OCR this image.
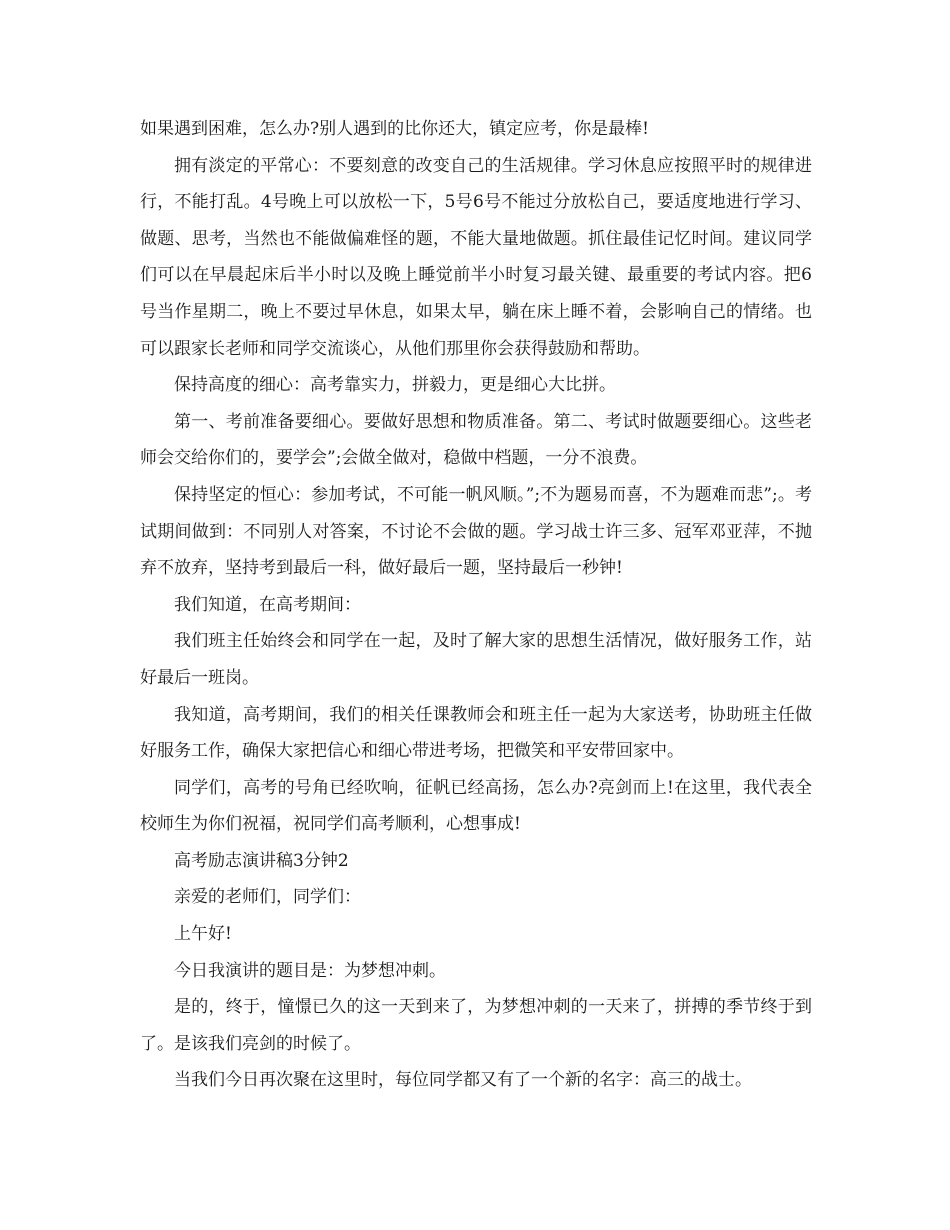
如果遇到困难，怎么办?别人遇到的比你还大，镇定应考，你是最棒!

拥有淡定的平常心：不要刻意的改变自己的生活规律。学习休息应按照平时的规律进行，不能打乱。4号晚上可以放松一下，5号6号不能过分放松自己，要适度地进行学习、做题、思考，当然也不能做偏难怪的题，不能大量地做题。抓住最佳记忆时间。建议同学们可以在早晨起床后半小时以及晚上睡觉前半小时复习最关键、最重要的考试内容。把6号当作星期二，晚上不要过早休息，如果太早，躺在床上睡不着，会影响自己的情绪。也可以跟家长老师和同学交流谈心，从他们那里你会获得鼓励和帮助。

保持高度的细心：高考靠实力，拼毅力，更是细心大比拼。

第一、考前准备要细心。要做好思想和物质准备。第二、考试时做题要细心。这些老师会交给你们的，要学会”;会做全做对，稳做中档题，一分不浪费。

保持坚定的恒心：参加考试，不可能一帆风顺。”;不为题易而喜，不为题难而悲”;。考试期间做到：不同别人对答案，不讨论不会做的题。学习战士许三多、冠军邓亚萍，不抛弃不放弃，坚持考到最后一科，做好最后一题，坚持最后一秒钟!

我们知道，在高考期间：

我们班主任始终会和同学在一起，及时了解大家的思想生活情况，做好服务工作，站好最后一班岗。

我知道，高考期间，我们的相关任课教师会和班主任一起为大家送考，协助班主任做好服务工作，确保大家把信心和细心带进考场，把微笑和平安带回家中。

同学们，高考的号角已经吹响，征帆已经高扬，怎么办?亮剑而上!在这里，我代表全校师生为你们祝福，祝同学们高考顺利，心想事成!

高考励志演讲稿3分钟2

亲爱的老师们，同学们：

上午好!

今日我演讲的题目是：为梦想冲刺。

是的，终于，憧憬已久的这一天到来了，为梦想冲刺的一天来了，拼搏的季节终于到了。是该我们亮剑的时候了。

当我们今日再次聚在这里时，每位同学都又有了一个新的名字：高三的战士。
